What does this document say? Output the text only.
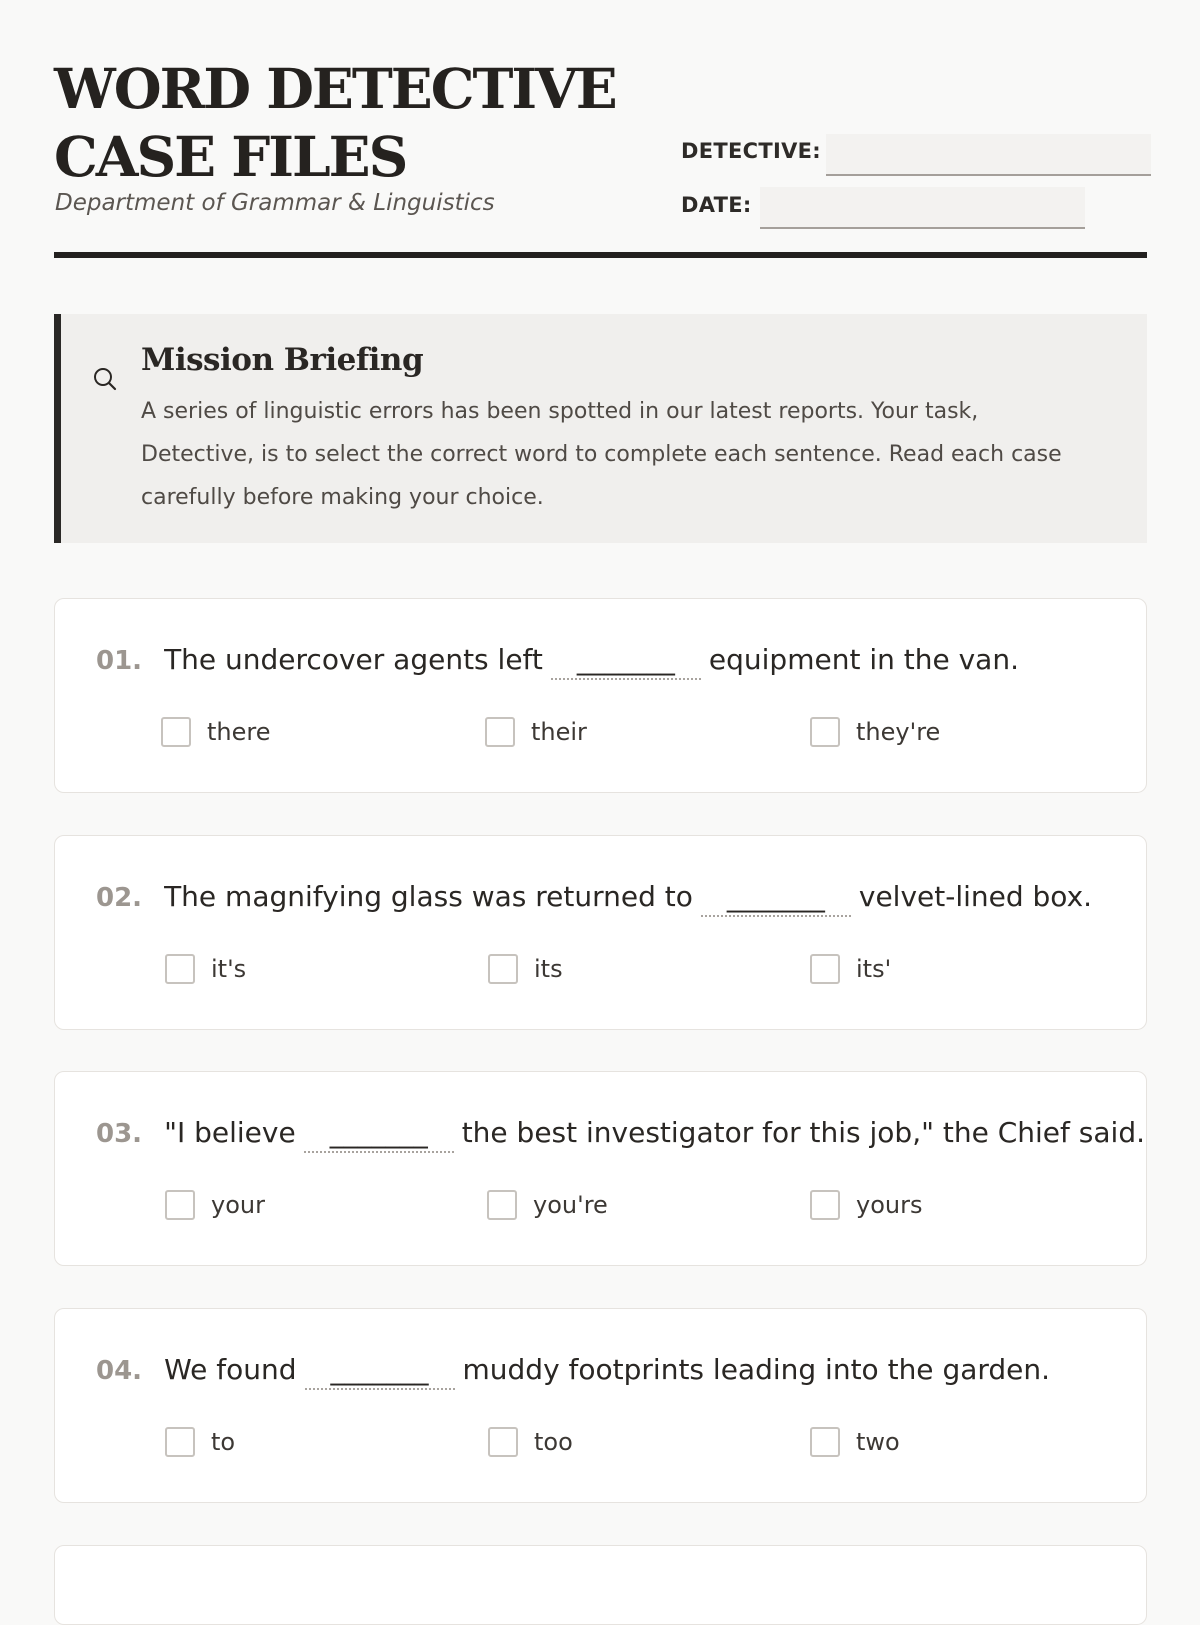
WORD DETECTIVE
CASE FILES
Department of Grammar & Linguistics
DETECTIVE:
DATE:
Mission Briefing

A series of linguistic errors has been spotted in our latest reports. Your task, Detective, is to select the correct word to complete each sentence. Read each case carefully before making your choice.

01. The undercover agents left _______ equipment in the van.
there	their	they're
02. The magnifying glass was returned to _______ velvet-lined box.
it's	its	its'
03. "I believe _______ the best investigator for this job," the Chief said.
your	you're	yours
04. We found _______ muddy footprints leading into the garden.
to	too	two
